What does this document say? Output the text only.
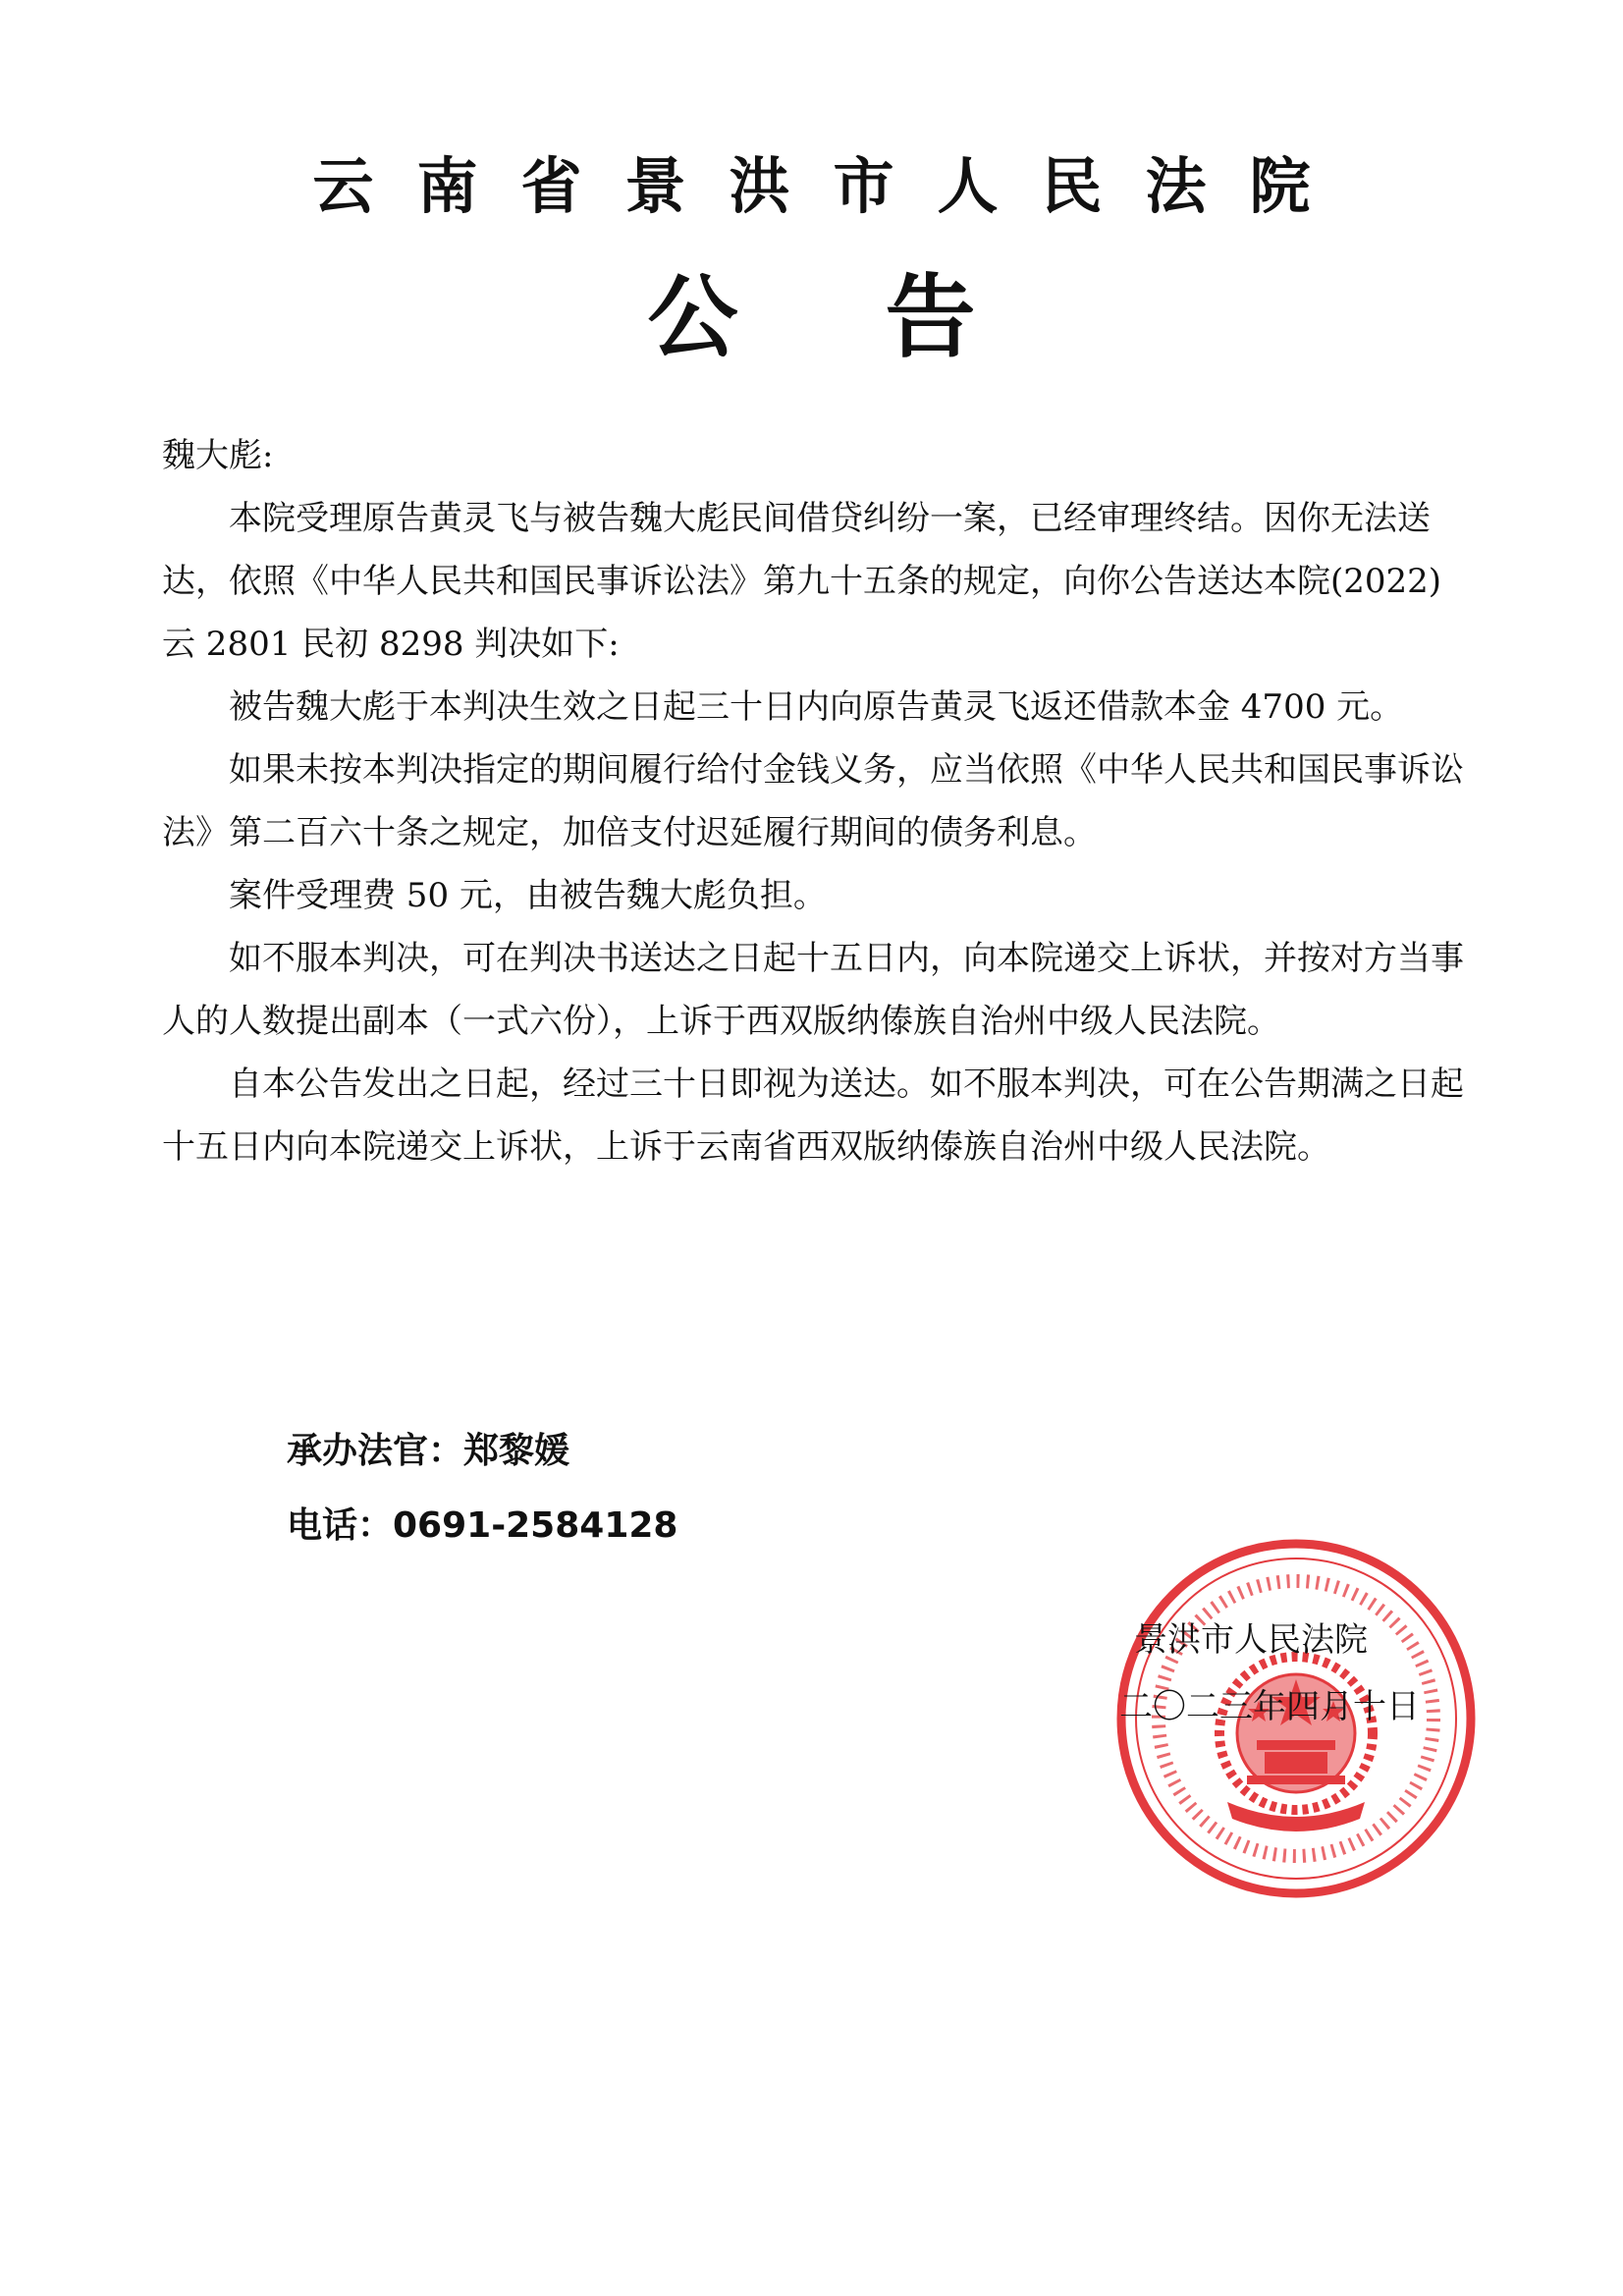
云南省景洪市人民法院
公告

魏大彪:

本院受理原告黄灵飞与被告魏大彪民间借贷纠纷一案，已经审理终结。因你无法送达，依照《中华人民共和国民事诉讼法》第九十五条的规定，向你公告送达本院(2022)云 2801 民初 8298 判决如下:

被告魏大彪于本判决生效之日起三十日内向原告黄灵飞返还借款本金 4700 元。

如果未按本判决指定的期间履行给付金钱义务，应当依照《中华人民共和国民事诉讼法》第二百六十条之规定，加倍支付迟延履行期间的债务利息。

案件受理费 50 元，由被告魏大彪负担。

如不服本判决，可在判决书送达之日起十五日内，向本院递交上诉状，并按对方当事人的人数提出副本（一式六份），上诉于西双版纳傣族自治州中级人民法院。

自本公告发出之日起，经过三十日即视为送达。如不服本判决，可在公告期满之日起十五日内向本院递交上诉状，上诉于云南省西双版纳傣族自治州中级人民法院。

承办法官：郑黎媛
电话：0691-2584128
景洪市人民法院
二〇二三年四月十日
